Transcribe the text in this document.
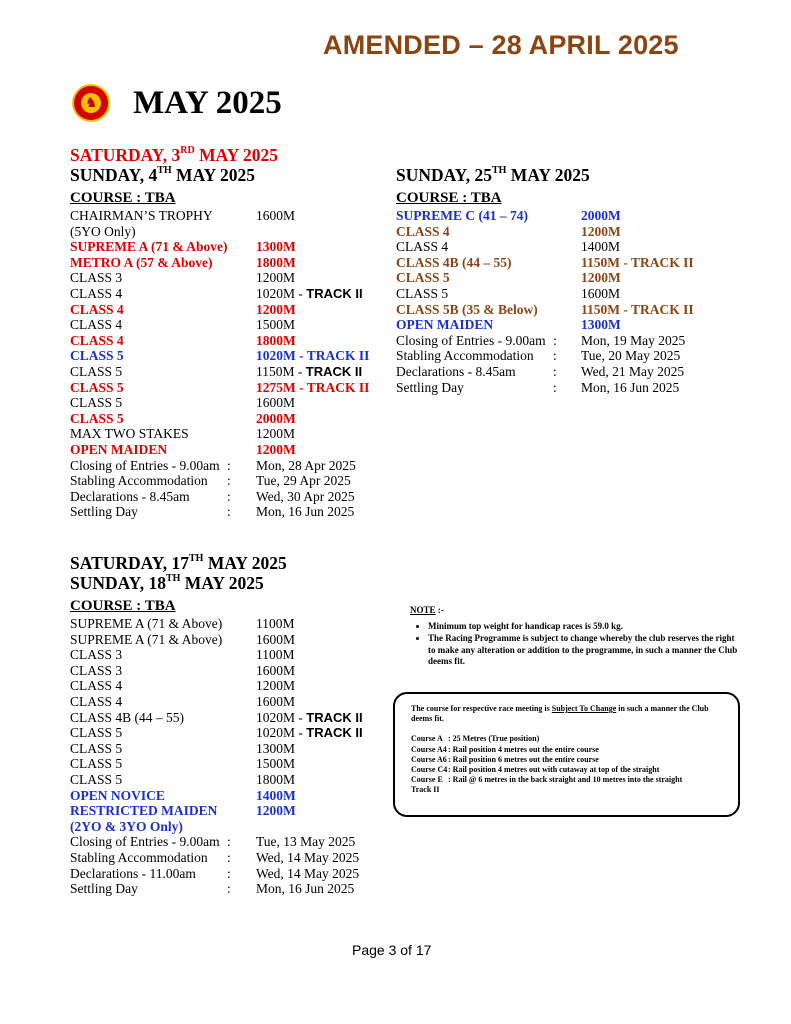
AMENDED – 28 APRIL 2025
♞ MAY 2025
SATURDAY, 3RD MAY 2025
SUNDAY, 4TH MAY 2025
COURSE : TBA
CHAIRMAN’S TROPHY	1600M
(5YO Only)
SUPREME A (71 & Above) 1300M
METRO A (57 & Above)	1800M
CLASS 3	1200M
CLASS 4	1020M - TRACK II
CLASS 4	1200M
CLASS 4	1500M
CLASS 4	1800M
CLASS 5	1020M - TRACK II
CLASS 5	1150M - TRACK II
CLASS 5	1275M - TRACK II
CLASS 5	1600M
CLASS 5	2000M
MAX TWO STAKES	1200M
OPEN MAIDEN	1200M
Closing of Entries - 9.00am : Mon, 28 Apr 2025
Stabling Accommodation : Tue, 29 Apr 2025
Declarations - 8.45am	: Wed, 30 Apr 2025
Settling Day	: Mon, 16 Jun 2025
SUNDAY, 25TH MAY 2025
COURSE : TBA
SUPREME C (41 – 74)	2000M
CLASS 4	1200M
CLASS 4	1400M
CLASS 4B (44 – 55)	1150M - TRACK II
CLASS 5	1200M
CLASS 5	1600M
CLASS 5B (35 & Below)	1150M - TRACK II
OPEN MAIDEN	1300M
Closing of Entries - 9.00am : Mon, 19 May 2025
Stabling Accommodation : Tue, 20 May 2025
Declarations - 8.45am	: Wed, 21 May 2025
Settling Day	: Mon, 16 Jun 2025
SATURDAY, 17TH MAY 2025
SUNDAY, 18TH MAY 2025
COURSE : TBA
SUPREME A (71 & Above) 1100M
SUPREME A (71 & Above) 1600M
CLASS 3	1100M
CLASS 3	1600M
CLASS 4	1200M
CLASS 4	1600M
CLASS 4B (44 – 55)	1020M - TRACK II
CLASS 5	1020M - TRACK II
CLASS 5	1300M
CLASS 5	1500M
CLASS 5	1800M
OPEN NOVICE	1400M
RESTRICTED MAIDEN	1200M
(2YO & 3YO Only)
Closing of Entries - 9.00am : Tue, 13 May 2025
Stabling Accommodation : Wed, 14 May 2025
Declarations - 11.00am : Wed, 14 May 2025
Settling Day	: Mon, 16 Jun 2025
NOTE :-
• Minimum top weight for handicap races is 59.0 kg.
• The Racing Programme is subject to change whereby the club reserves the right to make any alteration or addition to the programme, in such a manner the Club deems fit.
The course for respective race meeting is Subject To Change in such a manner the Club deems fit.
Course A : 25 Metres (True position)
Course A4 : Rail position 4 metres out the entire course
Course A6 : Rail position 6 metres out the entire course
Course C4 : Rail position 4 metres out with cutaway at top of the straight
Course E : Rail @ 6 metres in the back straight and 10 metres into the straight
Track II
Page 3 of 17
